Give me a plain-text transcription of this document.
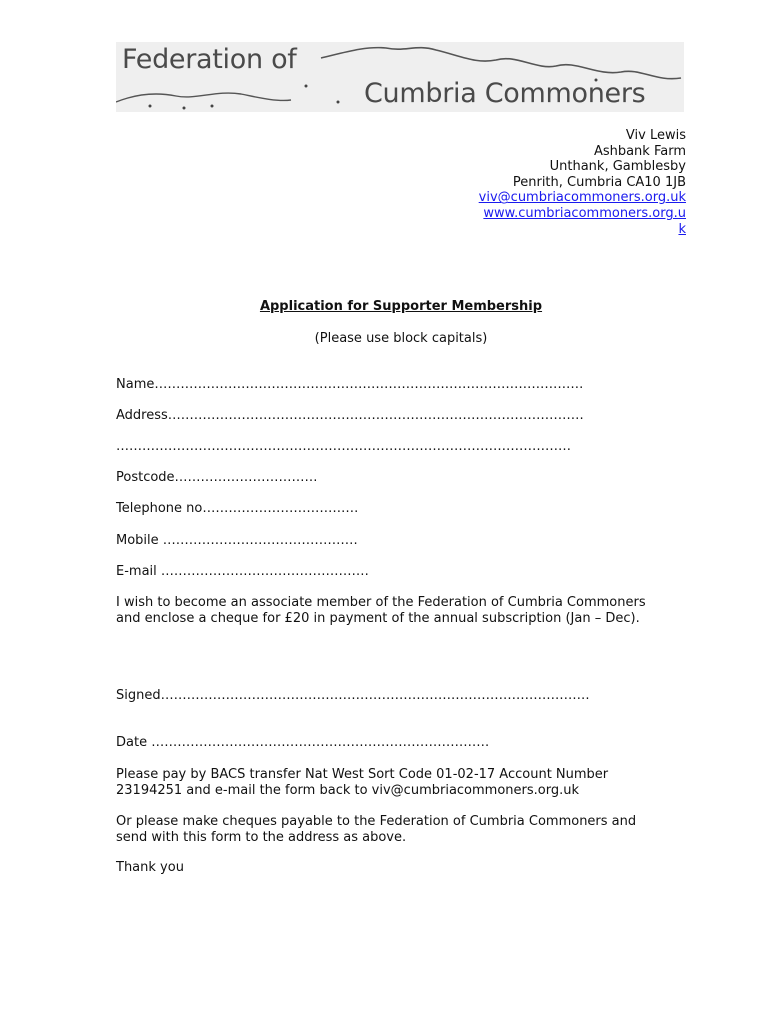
Federation of
Cumbria Commoners
Viv Lewis
Ashbank Farm
Unthank, Gamblesby
Penrith, Cumbria CA10 1JB
viv@cumbriacommoners.org.uk
www.cumbriacommoners.org.uk
Application for Supporter Membership
(Please use block capitals)
Name………………………………………………………………………………………
Address……………………………………………………………………………………
……………………………………………………………………………………………
Postcode……………………………
Telephone no………………………………
Mobile ………………………………………
E-mail …………………………………………
I wish to become an associate member of the Federation of Cumbria Commoners and enclose a cheque for £20 in payment of the annual subscription (Jan – Dec).
Signed………………………………………………………………………………………
Date ……………………………………………………………………
Please pay by BACS transfer Nat West Sort Code 01-02-17 Account Number 23194251 and e-mail the form back to viv@cumbriacommoners.org.uk
Or please make cheques payable to the Federation of Cumbria Commoners and send with this form to the address as above.
Thank you
